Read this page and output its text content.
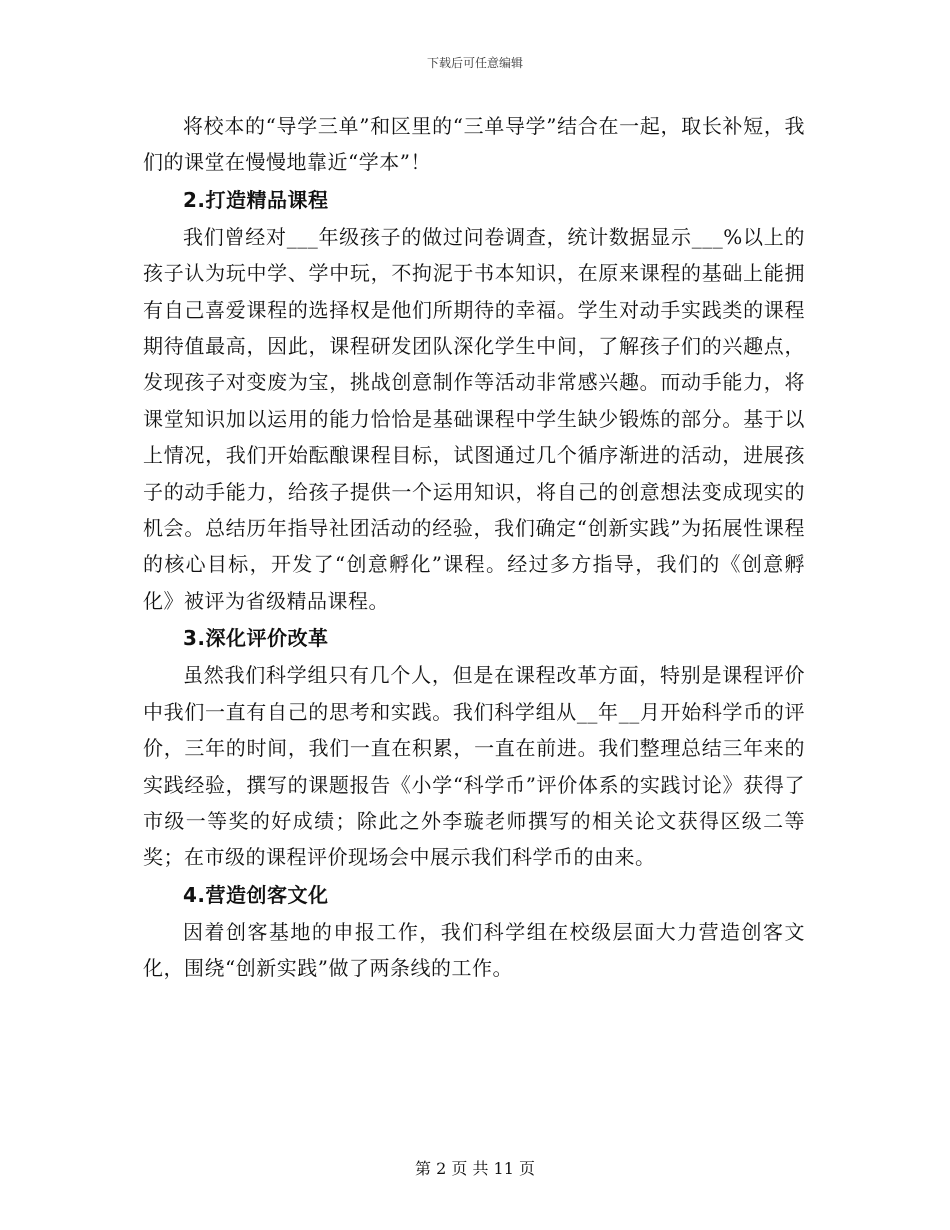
下载后可任意编辑

将校本的“导学三单”和区里的“三单导学”结合在一起，取长补短，我们的课堂在慢慢地靠近“学本”！

2.打造精品课程

我们曾经对___年级孩子的做过问卷调查，统计数据显示___%以上的孩子认为玩中学、学中玩，不拘泥于书本知识，在原来课程的基础上能拥有自己喜爱课程的选择权是他们所期待的幸福。学生对动手实践类的课程期待值最高，因此，课程研发团队深化学生中间，了解孩子们的兴趣点，发现孩子对变废为宝，挑战创意制作等活动非常感兴趣。而动手能力，将课堂知识加以运用的能力恰恰是基础课程中学生缺少锻炼的部分。基于以上情况，我们开始酝酿课程目标，试图通过几个循序渐进的活动，进展孩子的动手能力，给孩子提供一个运用知识，将自己的创意想法变成现实的机会。总结历年指导社团活动的经验，我们确定“创新实践”为拓展性课程的核心目标，开发了“创意孵化”课程。经过多方指导，我们的《创意孵化》被评为省级精品课程。

3.深化评价改革

虽然我们科学组只有几个人，但是在课程改革方面，特别是课程评价中我们一直有自己的思考和实践。我们科学组从__年__月开始科学币的评价，三年的时间，我们一直在积累，一直在前进。我们整理总结三年来的实践经验，撰写的课题报告《小学“科学币”评价体系的实践讨论》获得了市级一等奖的好成绩；除此之外李璇老师撰写的相关论文获得区级二等奖；在市级的课程评价现场会中展示我们科学币的由来。

4.营造创客文化

因着创客基地的申报工作，我们科学组在校级层面大力营造创客文化，围绕“创新实践”做了两条线的工作。

第 2 页 共 11 页
